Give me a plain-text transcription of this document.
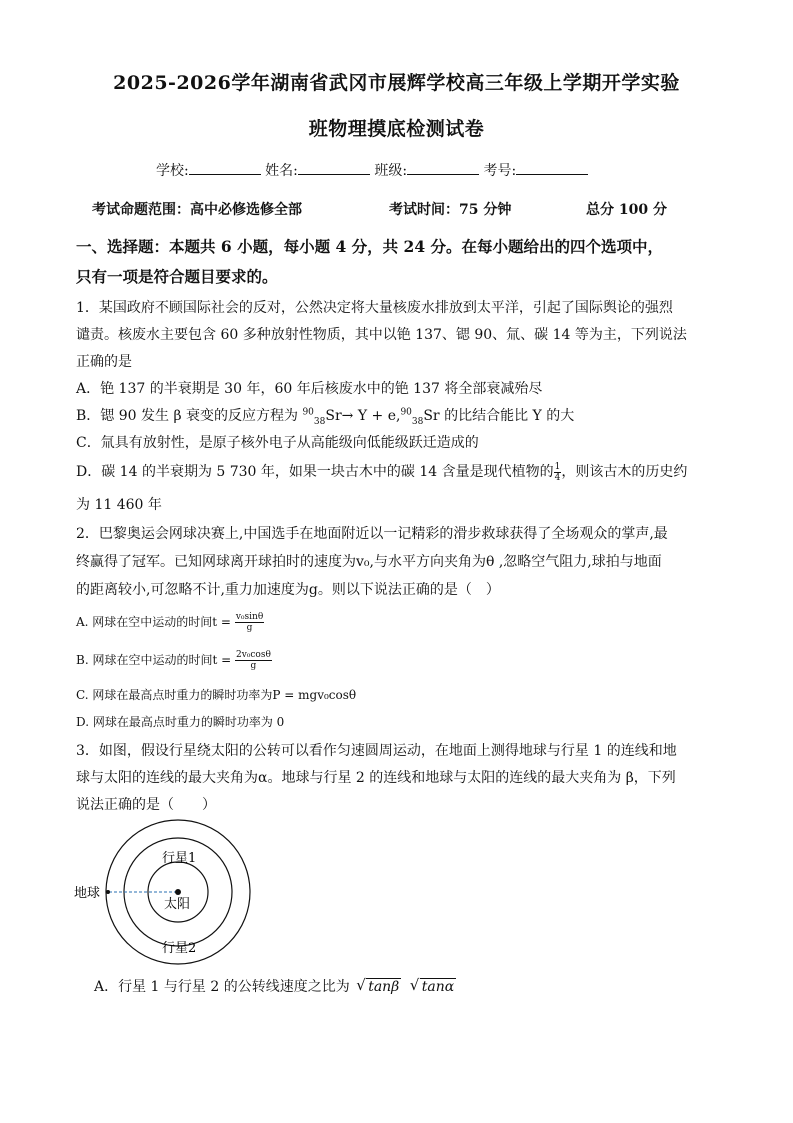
2025-2026学年湖南省武冈市展辉学校高三年级上学期开学实验
班物理摸底检测试卷
学校:	姓名:	班级:	考号:
考试命题范围：高中必修选修全部	考试时间：75 分钟	总分 100 分
一、选择题：本题共 6 小题，每小题 4 分，共 24 分。在每小题给出的四个选项中，
只有一项是符合题目要求的。
1．某国政府不顾国际社会的反对，公然决定将大量核废水排放到太平洋，引起了国际舆论的强烈
谴责。核废水主要包含 60 多种放射性物质，其中以铯 137、锶 90、氚、碳 14 等为主，下列说法
正确的是
A．铯 137 的半衰期是 30 年，60 年后核废水中的铯 137 将全部衰减殆尽
B．锶 90 发生 β 衰变的反应方程为 $^{90}_{38}$Sr→ Y + e,$^{90}_{38}$Sr 的比结合能比 Y 的大
C．氚具有放射性，是原子核外电子从高能级向低能级跃迁造成的
D．碳 14 的半衰期为 5 730 年，如果一块古木中的碳 14 含量是现代植物的 $\frac{1}{4}$ ，则该古木的历史约
为 11 460 年
2．巴黎奥运会网球决赛上,中国选手在地面附近以一记精彩的滑步救球获得了全场观众的掌声,最
终赢得了冠军。已知网球离开球拍时的速度为v₀,与水平方向夹角为θ ,忽略空气阻力,球拍与地面
的距离较小,可忽略不计,重力加速度为g。则以下说法正确的是（　）
A. 网球在空中运动的时间$t = \frac{\text{v₀sinθ}}{g}$
B. 网球在空中运动的时间$t = \frac{\text{2v₀cosθ}}{g}$
C. 网球在最高点时重力的瞬时功率为P = mgv₀cosθ
D. 网球在最高点时重力的瞬时功率为 0
3．如图，假设行星绕太阳的公转可以看作匀速圆周运动，在地面上测得地球与行星 1 的连线和地
球与太阳的连线的最大夹角为α。地球与行星 2 的连线和地球与太阳的连线的最大夹角为 β，下列
说法正确的是（　　）
地球
太阳
行星1
行星2
A．行星 1 与行星 2 的公转线速度之比为 √ tanβ √ tanα
